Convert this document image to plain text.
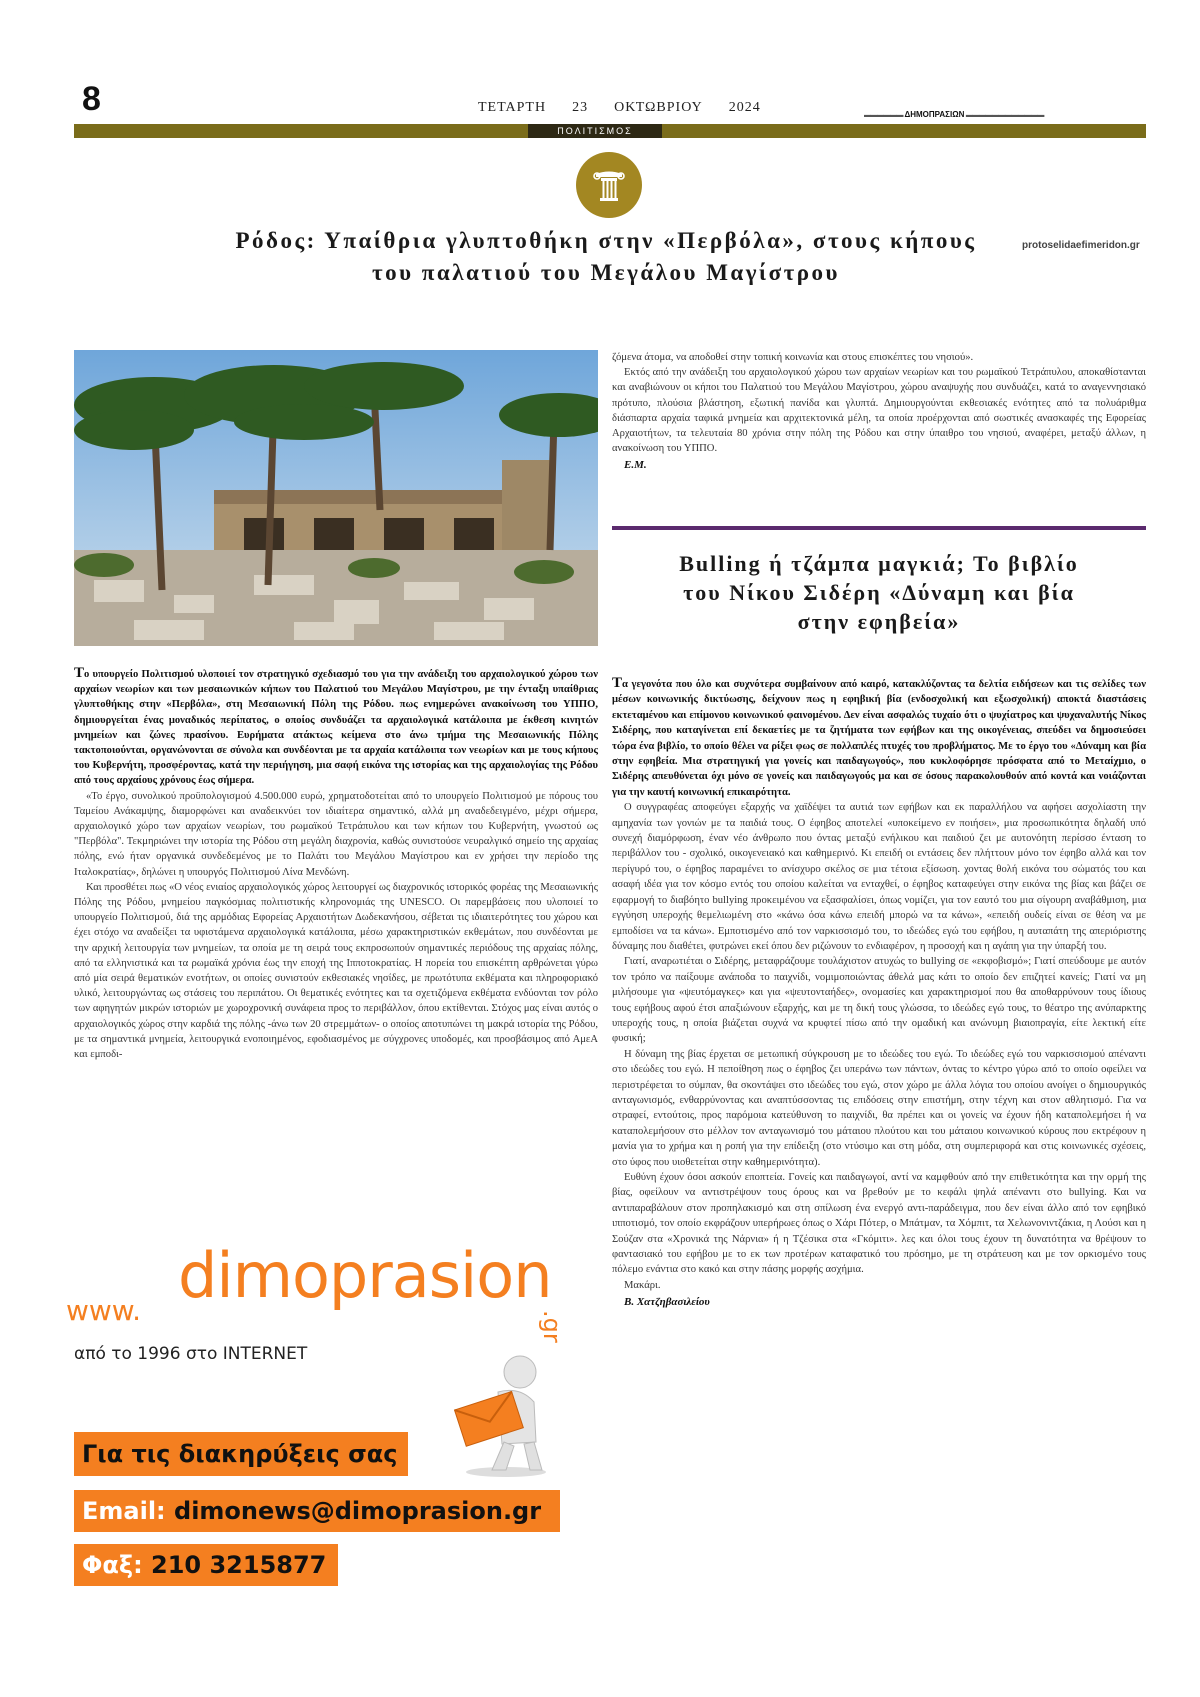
8	ΤΕΤΑΡΤΗ 23 ΟΚΤΩΒΡΙΟΥ 2024
▬▬▬▬▬▬ ΔΗΜΟΠΡΑΣΙΩΝ ▬▬▬▬▬▬▬▬▬▬▬▬
ΠΟΛΙΤΙΣΜΟΣ
Ρόδος: Υπαίθρια γλυπτοθήκη στην «Περβόλα», στους κήπους
του παλατιού του Μεγάλου Μαγίστρου
protoselidaefimeridon.gr

Το υπουργείο Πολιτισμού υλοποιεί τον στρατηγικό σχεδιασμό του για την ανάδειξη του αρχαιολογικού χώρου των αρχαίων νεωρίων και των μεσαιωνικών κήπων του Παλατιού του Μεγάλου Μαγίστρου, με την ένταξη υπαίθριας γλυπτοθήκης στην «Περβόλα», στη Μεσαιωνική Πόλη της Ρόδου. πως ενημερώνει ανακοίνωση του ΥΠΠΟ, δημιουργείται ένας μοναδικός περίπατος, ο οποίος συνδυάζει τα αρχαιολογικά κατάλοιπα με έκθεση κινητών μνημείων και ζώνες πρασίνου. Ευρήματα ατάκτως κείμενα στο άνω τμήμα της Μεσαιωνικής Πόλης τακτοποιούνται, οργανώνονται σε σύνολα και συνδέονται με τα αρχαία κατάλοιπα των νεωρίων και με τους κήπους του Κυβερνήτη, προσφέροντας, κατά την περιήγηση, μια σαφή εικόνα της ιστορίας και της αρχαιολογίας της Ρόδου από τους αρχαίους χρόνους έως σήμερα.

«Το έργο, συνολικού προϋπολογισμού 4.500.000 ευρώ, χρηματοδοτείται από το υπουργείο Πολιτισμού με πόρους του Ταμείου Ανάκαμψης, διαμορφώνει και αναδεικνύει τον ιδιαίτερα σημαντικό, αλλά μη αναδεδειγμένο, μέχρι σήμερα, αρχαιολογικό χώρο των αρχαίων νεωρίων, του ρωμαϊκού Τετράπυλου και των κήπων του Κυβερνήτη, γνωστού ως "Περβόλα". Τεκμηριώνει την ιστορία της Ρόδου στη μεγάλη διαχρονία, καθώς συνιστούσε νευραλγικό σημείο της αρχαίας πόλης, ενώ ήταν οργανικά συνδεδεμένος με το Παλάτι του Μεγάλου Μαγίστρου και εν χρήσει την περίοδο της Ιταλοκρατίας», δηλώνει η υπουργός Πολιτισμού Λίνα Μενδώνη.

Και προσθέτει πως «Ο νέος ενιαίος αρχαιολογικός χώρος λειτουργεί ως διαχρονικός ιστορικός φορέας της Μεσαιωνικής Πόλης της Ρόδου, μνημείου παγκόσμιας πολιτιστικής κληρονομιάς της UNESCO. Οι παρεμβάσεις που υλοποιεί το υπουργείο Πολιτισμού, διά της αρμόδιας Εφορείας Αρχαιοτήτων Δωδεκανήσου, σέβεται τις ιδιαιτερότητες του χώρου και έχει στόχο να αναδείξει τα υφιστάμενα αρχαιολογικά κατάλοιπα, μέσω χαρακτηριστικών εκθεμάτων, που συνδέονται με την αρχική λειτουργία των μνημείων, τα οποία με τη σειρά τους εκπροσωπούν σημαντικές περιόδους της αρχαίας πόλης, από τα ελληνιστικά και τα ρωμαϊκά χρόνια έως την εποχή της Ιπποτοκρατίας. Η πορεία του επισκέπτη αρθρώνεται γύρω από μία σειρά θεματικών ενοτήτων, οι οποίες συνιστούν εκθεσιακές νησίδες, με πρωτότυπα εκθέματα και πληροφοριακό υλικό, λειτουργώντας ως στάσεις του περιπάτου. Οι θεματικές ενότητες και τα σχετιζόμενα εκθέματα ενδύονται τον ρόλο των αφηγητών μικρών ιστοριών με χωροχρονική συνάφεια προς το περιβάλλον, όπου εκτίθενται. Στόχος μας είναι αυτός ο αρχαιολογικός χώρος στην καρδιά της πόλης -άνω των 20 στρεμμάτων- ο οποίος αποτυπώνει τη μακρά ιστορία της Ρόδου, με τα σημαντικά μνημεία, λειτουργικά ενοποιημένος, εφοδιασμένος με σύγχρονες υποδομές, και προσβάσιμος από ΑμεΑ και εμποδι-

ζόμενα άτομα, να αποδοθεί στην τοπική κοινωνία και στους επισκέπτες του νησιού».

Εκτός από την ανάδειξη του αρχαιολογικού χώρου των αρχαίων νεωρίων και του ρωμαϊκού Τετράπυλου, αποκαθίστανται και αναβιώνουν οι κήποι του Παλατιού του Μεγάλου Μαγίστρου, χώρου αναψυχής που συνδυάζει, κατά το αναγεννησιακό πρότυπο, πλούσια βλάστηση, εξωτική πανίδα και γλυπτά. Δημιουργούνται εκθεσιακές ενότητες από τα πολυάριθμα διάσπαρτα αρχαία ταφικά μνημεία και αρχιτεκτονικά μέλη, τα οποία προέρχονται από σωστικές ανασκαφές της Εφορείας Αρχαιοτήτων, τα τελευταία 80 χρόνια στην πόλη της Ρόδου και στην ύπαιθρο του νησιού, αναφέρει, μεταξύ άλλων, η ανακοίνωση του ΥΠΠΟ.

Ε.Μ.
Bulling ή τζάμπα μαγκιά; Το βιβλίο
του Νίκου Σιδέρη «Δύναμη και βία
στην εφηβεία»

Τα γεγονότα που όλο και συχνότερα συμβαίνουν από καιρό, κατακλύζοντας τα δελτία ειδήσεων και τις σελίδες των μέσων κοινωνικής δικτύωσης, δείχνουν πως η εφηβική βία (ενδοσχολική και εξωσχολική) αποκτά διαστάσεις εκτεταμένου και επίμονου κοινωνικού φαινομένου. Δεν είναι ασφαλώς τυχαίο ότι ο ψυχίατρος και ψυχαναλυτής Νίκος Σιδέρης, που καταγίνεται επί δεκαετίες με τα ζητήματα των εφήβων και της οικογένειας, σπεύδει να δημοσιεύσει τώρα ένα βιβλίο, το οποίο θέλει να ρίξει φως σε πολλαπλές πτυχές του προβλήματος. Με το έργο του «Δύναμη και βία στην εφηβεία. Μια στρατηγική για γονείς και παιδαγωγούς», που κυκλοφόρησε πρόσφατα από το Μεταίχμιο, ο Σιδέρης απευθύνεται όχι μόνο σε γονείς και παιδαγωγούς μα και σε όσους παρακολουθούν από κοντά και νοιάζονται για την καυτή κοινωνική επικαιρότητα.

Ο συγγραφέας αποφεύγει εξαρχής να χαϊδέψει τα αυτιά των εφήβων και εκ παραλλήλου να αφήσει ασχολίαστη την αμηχανία των γονιών με τα παιδιά τους. Ο έφηβος αποτελεί «υποκείμενο εν ποιήσει», μια προσωπικότητα δηλαδή υπό συνεχή διαμόρφωση, έναν νέο άνθρωπο που όντας μεταξύ ενήλικου και παιδιού ζει με αυτονόητη περίσσο ένταση το περιβάλλον του - σχολικό, οικογενειακό και καθημερινό. Κι επειδή οι εντάσεις δεν πλήττουν μόνο τον έφηβο αλλά και τον περίγυρό του, ο έφηβος παραμένει το ανίσχυρο σκέλος σε μια τέτοια εξίσωση. χοντας θολή εικόνα του σώματός του και ασαφή ιδέα για τον κόσμο εντός του οποίου καλείται να ενταχθεί, ο έφηβος καταφεύγει στην εικόνα της βίας και βάζει σε εφαρμογή το διαβόητο bullying προκειμένου να εξασφαλίσει, όπως νομίζει, για τον εαυτό του μια σίγουρη αναβάθμιση, μια εγγύηση υπεροχής θεμελιωμένη στο «κάνω όσα κάνω επειδή μπορώ να τα κάνω», «επειδή ουδείς είναι σε θέση να με εμποδίσει να τα κάνω». Εμποτισμένο από τον ναρκισσισμό του, το ιδεώδες εγώ του εφήβου, η αυταπάτη της απεριόριστης δύναμης που διαθέτει, φυτρώνει εκεί όπου δεν ριζώνουν το ενδιαφέρον, η προσοχή και η αγάπη για την ύπαρξή του.

Γιατί, αναρωτιέται ο Σιδέρης, μεταφράζουμε τουλάχιστον ατυχώς το bullying σε «εκφοβισμό»; Γιατί σπεύδουμε με αυτόν τον τρόπο να παίξουμε ανάποδα το παιχνίδι, νομιμοποιώντας άθελά μας κάτι το οποίο δεν επιζητεί κανείς; Γιατί να μη μιλήσουμε για «ψευτόμαγκες» και για «ψευτονταήδες», ονομασίες και χαρακτηρισμοί που θα αποθαρρύνουν τους ίδιους τους εφήβους αφού έτσι απαξιώνουν εξαρχής, και με τη δική τους γλώσσα, το ιδεώδες εγώ τους, το θέατρο της ανύπαρκτης υπεροχής τους, η οποία βιάζεται συχνά να κρυφτεί πίσω από την ομαδική και ανώνυμη βιαιοπραγία, είτε λεκτική είτε φυσική;

Η δύναμη της βίας έρχεται σε μετωπική σύγκρουση με το ιδεώδες του εγώ. Το ιδεώδες εγώ του ναρκισσισμού απέναντι στο ιδεώδες του εγώ. Η πεποίθηση πως ο έφηβος ζει υπεράνω των πάντων, όντας το κέντρο γύρω από το οποίο οφείλει να περιστρέφεται το σύμπαν, θα σκοντάψει στο ιδεώδες του εγώ, στον χώρο με άλλα λόγια του οποίου ανοίγει ο δημιουργικός ανταγωνισμός, ενθαρρύνοντας και αναπτύσσοντας τις επιδόσεις στην επιστήμη, στην τέχνη και στον αθλητισμό. Για να στραφεί, εντούτοις, προς παρόμοια κατεύθυνση το παιχνίδι, θα πρέπει και οι γονείς να έχουν ήδη καταπολεμήσει ή να καταπολεμήσουν στο μέλλον τον ανταγωνισμό του μάταιου πλούτου και του μάταιου κοινωνικού κύρους που εκτρέφουν η μανία για το χρήμα και η ροπή για την επίδειξη (στο ντύσιμο και στη μόδα, στη συμπεριφορά και στις κοινωνικές σχέσεις, στο ύφος που υιοθετείται στην καθημερινότητα).

Ευθύνη έχουν όσοι ασκούν εποπτεία. Γονείς και παιδαγωγοί, αντί να καμφθούν από την επιθετικότητα και την ορμή της βίας, οφείλουν να αντιστρέψουν τους όρους και να βρεθούν με το κεφάλι ψηλά απέναντι στο bullying. Και να αντιπαραβάλουν στον προπηλακισμό και στη σπίλωση ένα ενεργό αντι-παράδειγμα, που δεν είναι άλλο από τον εφηβικό ιπποτισμό, τον οποίο εκφράζουν υπερήρωες όπως ο Χάρι Πότερ, ο Μπάτμαν, τα Χόμπιτ, τα Χελωνονιντζάκια, η Λούσι και η Σούζαν στα «Χρονικά της Νάρνια» ή η Τζέσικα στα «Γκόμιτι». λες και όλοι τους έχουν τη δυνατότητα να θρέψουν το φαντασιακό του εφήβου με το εκ των προτέρων καταφατικό του πρόσημο, με τη στράτευση και με τον ορκισμένο τους πόλεμο ενάντια στο κακό και στην πάσης μορφής ασχήμια.

Μακάρι.

Β. Χατζηβασιλείου
www. dimoprasion
.gr
από το 1996 στο INTERNET
Για τις διακηρύξεις σας
Email: dimonews@dimoprasion.gr
Φαξ: 210 3215877
